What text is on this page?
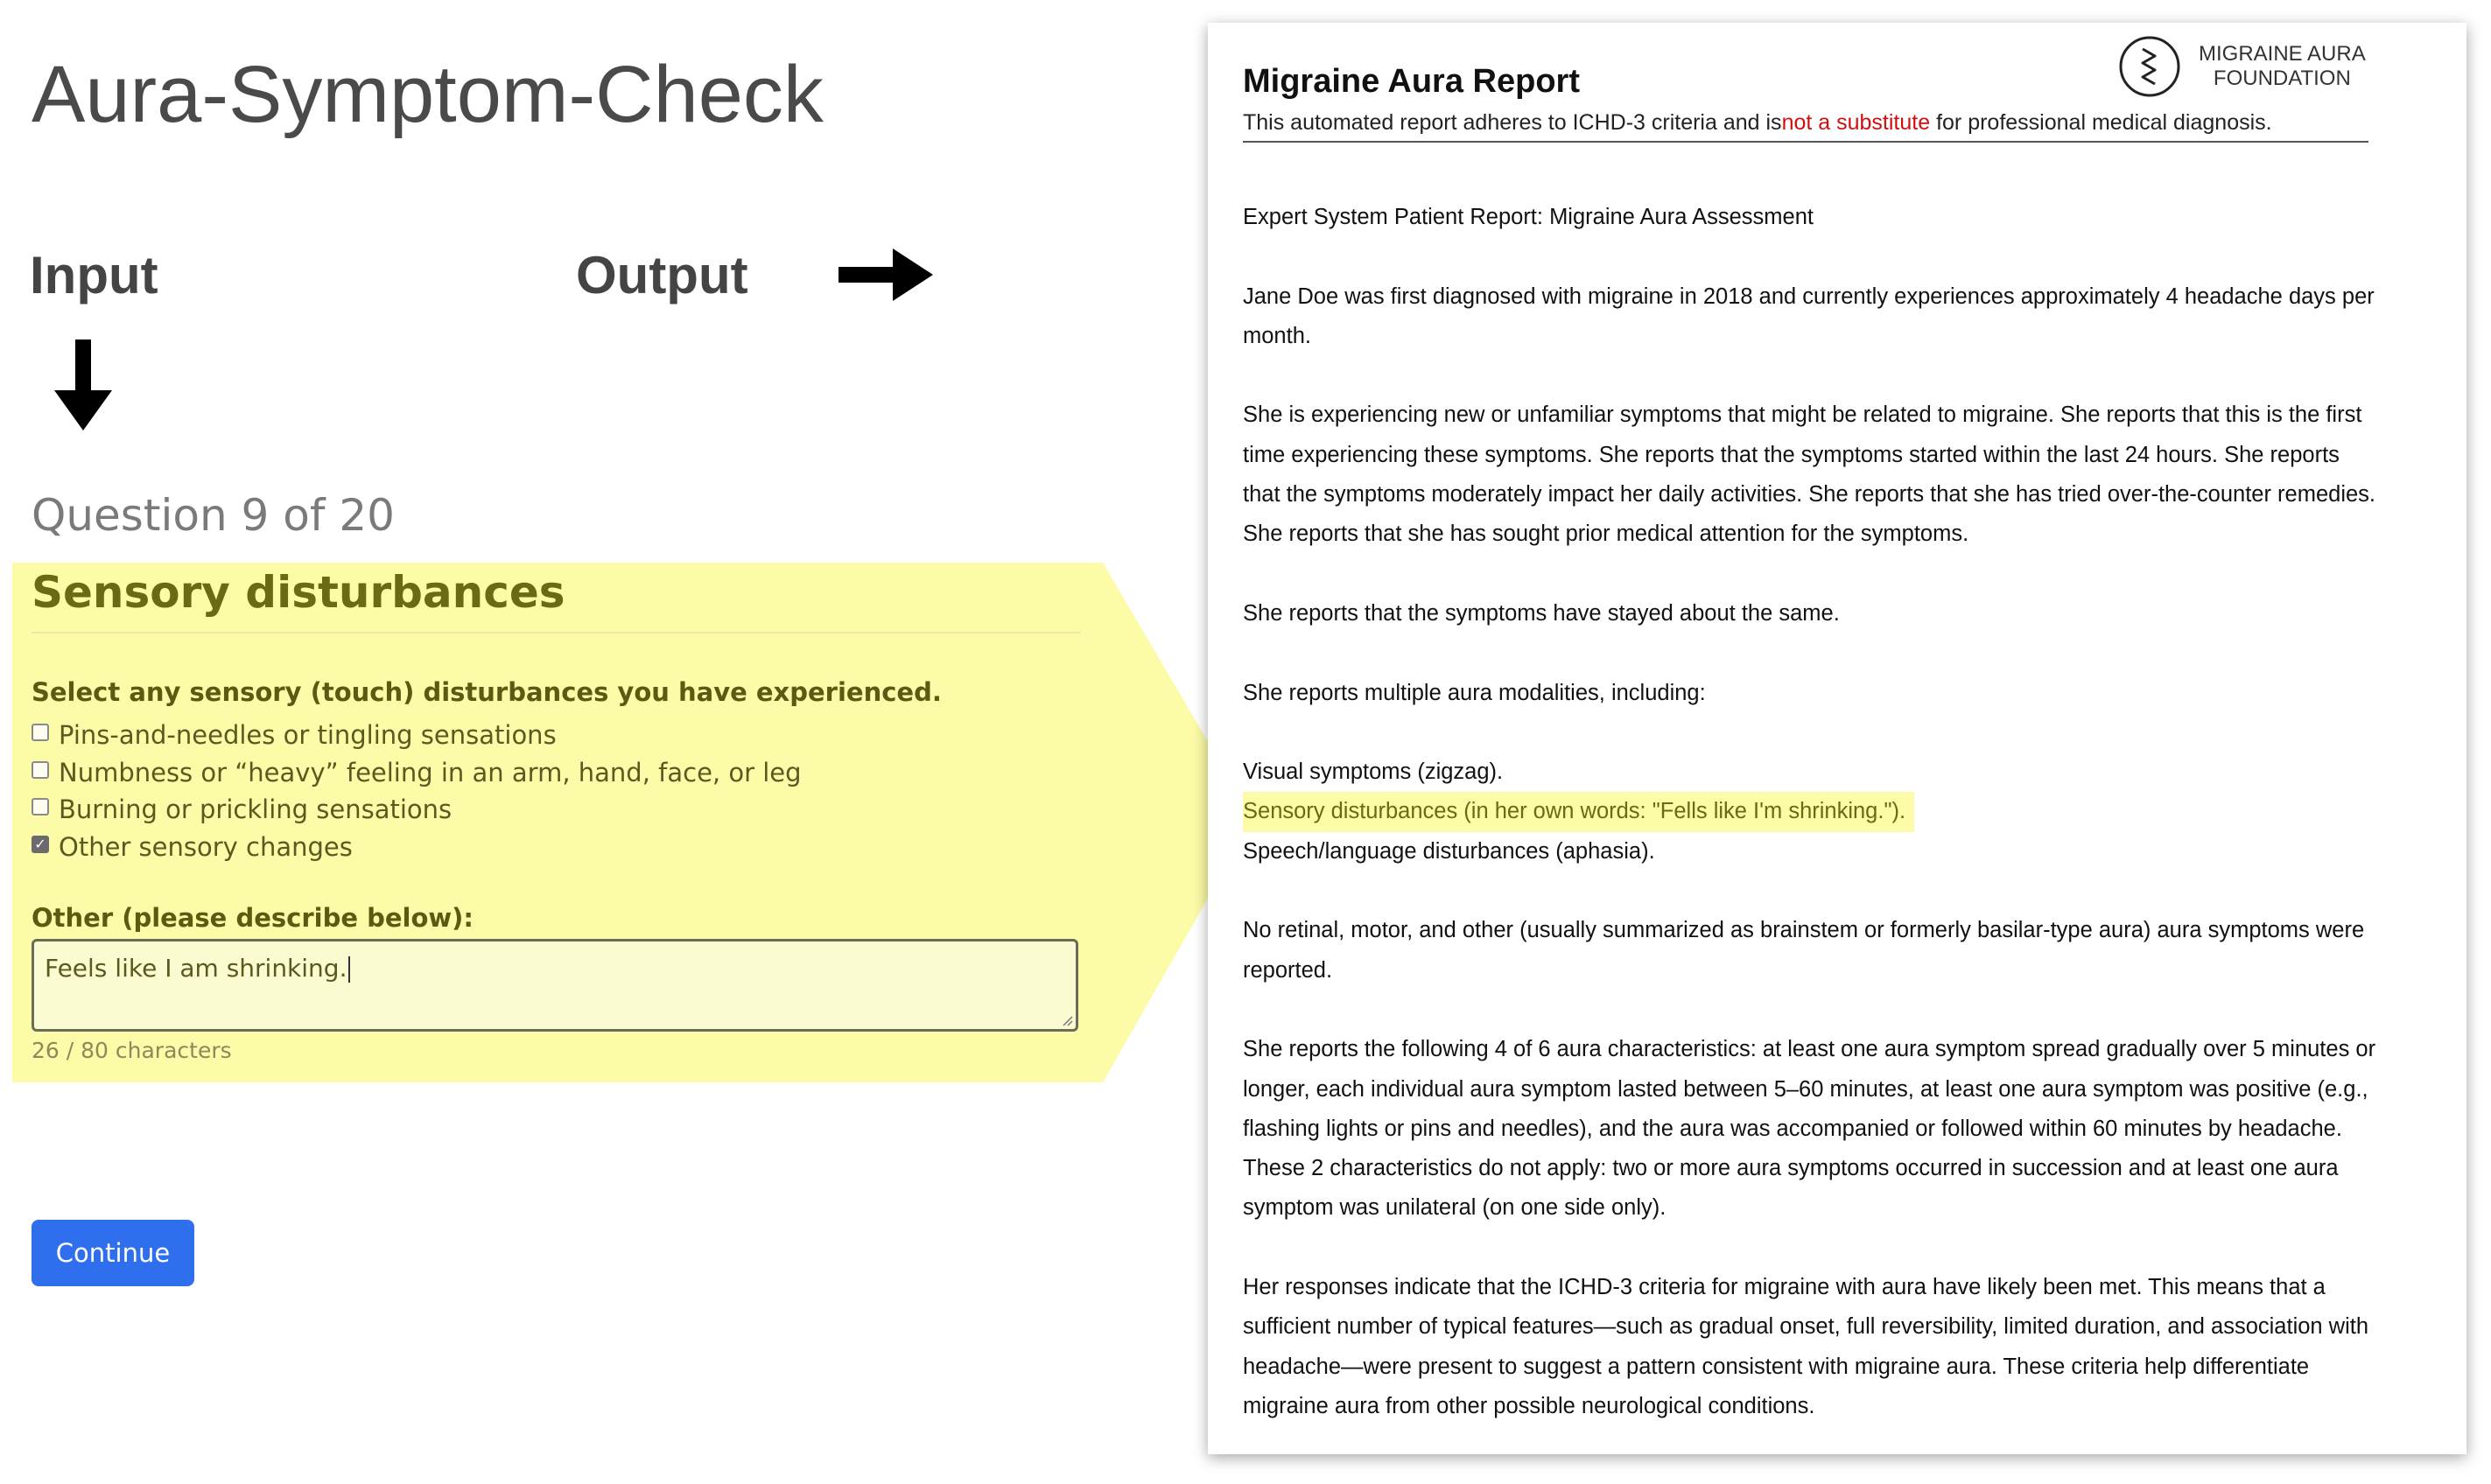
Aura-Symptom-Check
Input	Output
Question 9 of 20
Sensory disturbances
Select any sensory (touch) disturbances you have experienced.
Pins-and-needles or tingling sensations
Numbness or “heavy” feeling in an arm, hand, face, or leg
Burning or prickling sensations
✓ Other sensory changes
Other (please describe below):
Feels like I am shrinking.
26 / 80 characters
Continue
Migraine Aura Report
This automated report adheres to ICHD-3 criteria and isnot a substitute for professional medical diagnosis.
MIGRAINE AURA
FOUNDATION

Expert System Patient Report: Migraine Aura Assessment

Jane Doe was first diagnosed with migraine in 2018 and currently experiences approximately 4 headache days per month.

She is experiencing new or unfamiliar symptoms that might be related to migraine. She reports that this is the first time experiencing these symptoms. She reports that the symptoms started within the last 24 hours. She reports that the symptoms moderately impact her daily activities. She reports that she has tried over-the-counter remedies. She reports that she has sought prior medical attention for the symptoms.

She reports that the symptoms have stayed about the same.

She reports multiple aura modalities, including:

Visual symptoms (zigzag).

Sensory disturbances (in her own words: "Fells like I'm shrinking.").

Speech/language disturbances (aphasia).

No retinal, motor, and other (usually summarized as brainstem or formerly basilar-type aura) aura symptoms were reported.

She reports the following 4 of 6 aura characteristics: at least one aura symptom spread gradually over 5 minutes or longer, each individual aura symptom lasted between 5–60 minutes, at least one aura symptom was positive (e.g., flashing lights or pins and needles), and the aura was accompanied or followed within 60 minutes by headache. These 2 characteristics do not apply: two or more aura symptoms occurred in succession and at least one aura symptom was unilateral (on one side only).

Her responses indicate that the ICHD-3 criteria for migraine with aura have likely been met. This means that a sufficient number of typical features—such as gradual onset, full reversibility, limited duration, and association with headache—were present to suggest a pattern consistent with migraine aura. These criteria help differentiate migraine aura from other possible neurological conditions.
